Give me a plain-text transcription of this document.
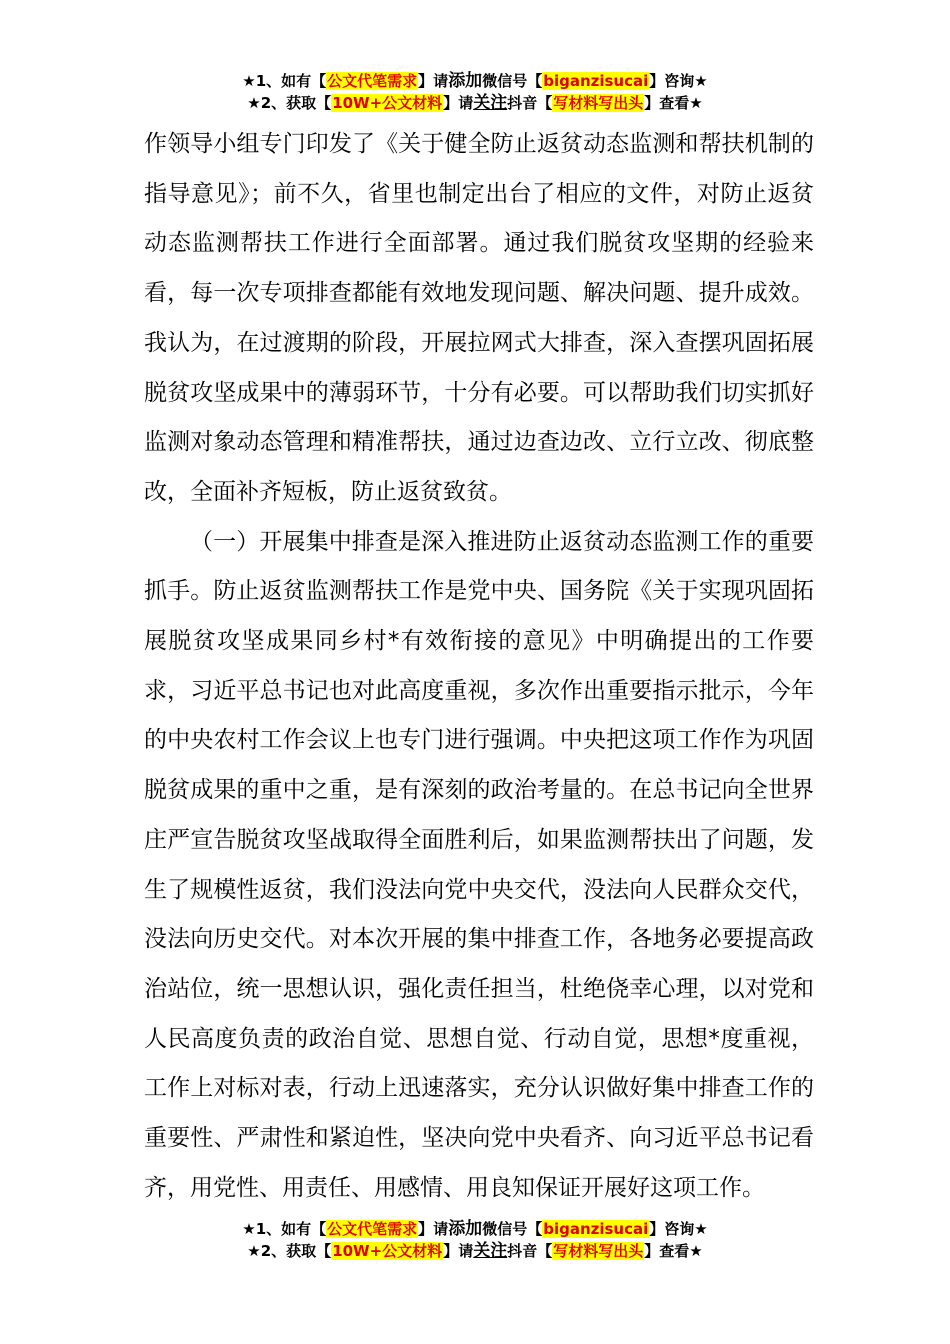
★1、如有【公文代笔需求】请添加微信号【biganzisucai】咨询★
★2、获取【10W+公文材料】请关注抖音【写材料写出头】查看★

作领导小组专门印发了《关于健全防止返贫动态监测和帮扶机制的指导意见》；前不久，省里也制定出台了相应的文件，对防止返贫动态监测帮扶工作进行全面部署。通过我们脱贫攻坚期的经验来看，每一次专项排查都能有效地发现问题、解决问题、提升成效。我认为，在过渡期的阶段，开展拉网式大排查，深入查摆巩固拓展脱贫攻坚成果中的薄弱环节，十分有必要。可以帮助我们切实抓好监测对象动态管理和精准帮扶，通过边查边改、立行立改、彻底整改，全面补齐短板，防止返贫致贫。

（一）开展集中排查是深入推进防止返贫动态监测工作的重要抓手。防止返贫监测帮扶工作是党中央、国务院《关于实现巩固拓展脱贫攻坚成果同乡村*有效衔接的意见》中明确提出的工作要求，习近平总书记也对此高度重视，多次作出重要指示批示，今年的中央农村工作会议上也专门进行强调。中央把这项工作作为巩固脱贫成果的重中之重，是有深刻的政治考量的。在总书记向全世界庄严宣告脱贫攻坚战取得全面胜利后，如果监测帮扶出了问题，发生了规模性返贫，我们没法向党中央交代，没法向人民群众交代，没法向历史交代。对本次开展的集中排查工作，各地务必要提高政治站位，统一思想认识，强化责任担当，杜绝侥幸心理，以对党和人民高度负责的政治自觉、思想自觉、行动自觉，思想*度重视，工作上对标对表，行动上迅速落实，充分认识做好集中排查工作的重要性、严肃性和紧迫性，坚决向党中央看齐、向习近平总书记看齐，用党性、用责任、用感情、用良知保证开展好这项工作。

★1、如有【公文代笔需求】请添加微信号【biganzisucai】咨询★
★2、获取【10W+公文材料】请关注抖音【写材料写出头】查看★
